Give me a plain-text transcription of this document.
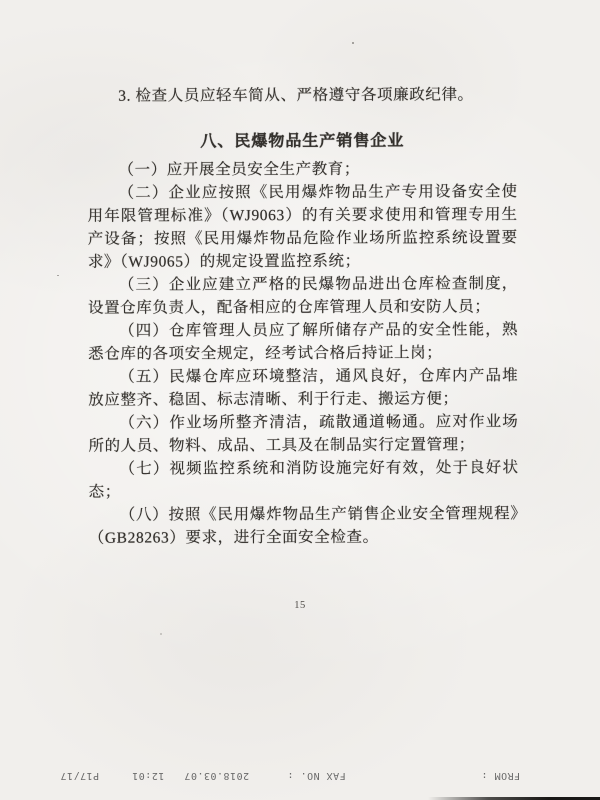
3. 检查人员应轻车简从、严格遵守各项廉政纪律。

八、民爆物品生产销售企业

（一）应开展全员安全生产教育；

（二）企业应按照《民用爆炸物品生产专用设备安全使用年限管理标准》（WJ9063）的有关要求使用和管理专用生产设备；按照《民用爆炸物品危险作业场所监控系统设置要求》（WJ9065）的规定设置监控系统；

（三）企业应建立严格的民爆物品进出仓库检查制度，设置仓库负责人，配备相应的仓库管理人员和安防人员；

（四）仓库管理人员应了解所储存产品的安全性能，熟悉仓库的各项安全规定，经考试合格后持证上岗；

（五）民爆仓库应环境整洁，通风良好，仓库内产品堆放应整齐、稳固、标志清晰、利于行走、搬运方便；

（六）作业场所整齐清洁，疏散通道畅通。应对作业场所的人员、物料、成品、工具及在制品实行定置管理；

（七）视频监控系统和消防设施完好有效，处于良好状态；

（八）按照《民用爆炸物品生产销售企业安全管理规程》（GB28263）要求，进行全面安全检查。

15
2018.03.07   12:01     P17/17	FAX NO. :	FROM :
